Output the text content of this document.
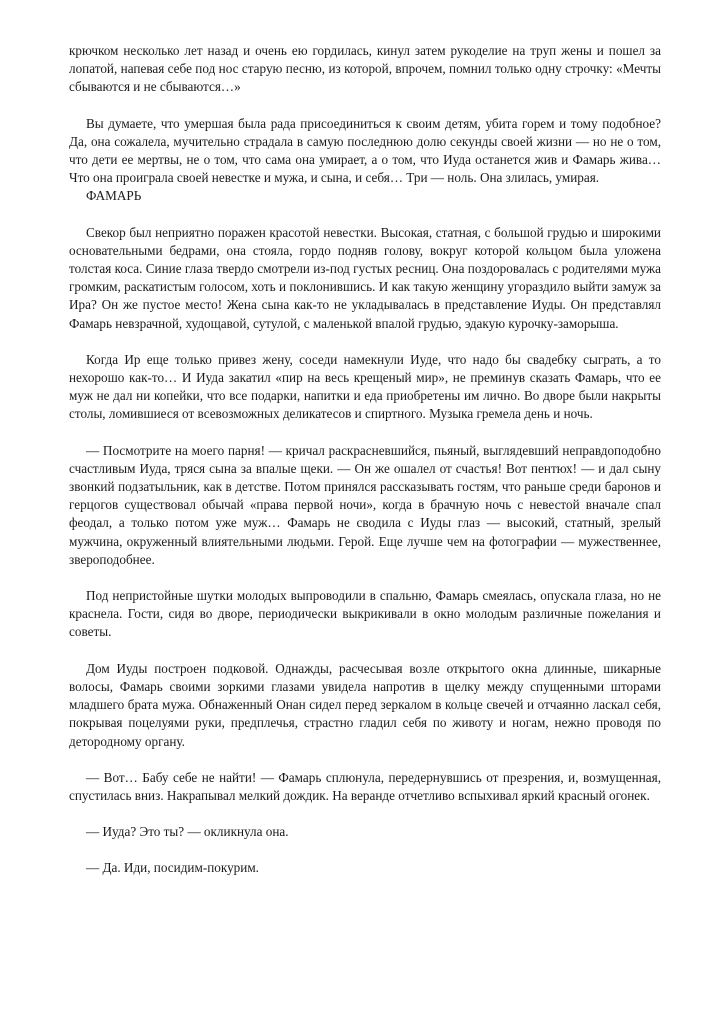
крючком несколько лет назад и очень ею гордилась, кинул затем рукоделие на труп жены и пошел за лопатой, напевая себе под нос старую песню, из которой, впрочем, помнил только одну строчку: «Мечты сбываются и не сбываются…»

Вы думаете, что умершая была рада присоединиться к своим детям, убита горем и тому подобное? Да, она сожалела, мучительно страдала в самую последнюю долю секунды своей жизни — но не о том, что дети ее мертвы, не о том, что сама она умирает, а о том, что Иуда останется жив и Фамарь жива… Что она проиграла своей невестке и мужа, и сына, и себя… Три — ноль. Она злилась, умирая.

ФАМАРЬ

Свекор был неприятно поражен красотой невестки. Высокая, статная, с большой грудью и широкими основательными бедрами, она стояла, гордо подняв голову, вокруг которой кольцом была уложена толстая коса. Синие глаза твердо смотрели из-под густых ресниц. Она поздоровалась с родителями мужа громким, раскатистым голосом, хоть и поклонившись. И как такую женщину угораздило выйти замуж за Ира? Он же пустое место! Жена сына как-то не укладывалась в представление Иуды. Он представлял Фамарь невзрачной, худощавой, сутулой, с маленькой впалой грудью, эдакую курочку-заморыша.

Когда Ир еще только привез жену, соседи намекнули Иуде, что надо бы свадебку сыграть, а то нехорошо как-то… И Иуда закатил «пир на весь крещеный мир», не преминув сказать Фамарь, что ее муж не дал ни копейки, что все подарки, напитки и еда приобретены им лично. Во дворе были накрыты столы, ломившиеся от всевозможных деликатесов и спиртного. Музыка гремела день и ночь.

— Посмотрите на моего парня! — кричал раскрасневшийся, пьяный, выглядевший неправдоподобно счастливым Иуда, тряся сына за впалые щеки. — Он же ошалел от счастья! Вот пентюх! — и дал сыну звонкий подзатыльник, как в детстве. Потом принялся рассказывать гостям, что раньше среди баронов и герцогов существовал обычай «права первой ночи», когда в брачную ночь с невестой вначале спал феодал, а только потом уже муж… Фамарь не сводила с Иуды глаз — высокий, статный, зрелый мужчина, окруженный влиятельными людьми. Герой. Еще лучше чем на фотографии — мужественнее, звероподобнее.

Под непристойные шутки молодых выпроводили в спальню, Фамарь смеялась, опускала глаза, но не краснела. Гости, сидя во дворе, периодически выкрикивали в окно молодым различные пожелания и советы.

Дом Иуды построен подковой. Однажды, расчесывая возле открытого окна длинные, шикарные волосы, Фамарь своими зоркими глазами увидела напротив в щелку между спущенными шторами младшего брата мужа. Обнаженный Онан сидел перед зеркалом в кольце свечей и отчаянно ласкал себя, покрывая поцелуями руки, предплечья, страстно гладил себя по животу и ногам, нежно проводя по детородному органу.

— Вот… Бабу себе не найти! — Фамарь сплюнула, передернувшись от презрения, и, возмущенная, спустилась вниз. Накрапывал мелкий дождик. На веранде отчетливо вспыхивал яркий красный огонек.

— Иуда? Это ты? — окликнула она.

— Да. Иди, посидим-покурим.
